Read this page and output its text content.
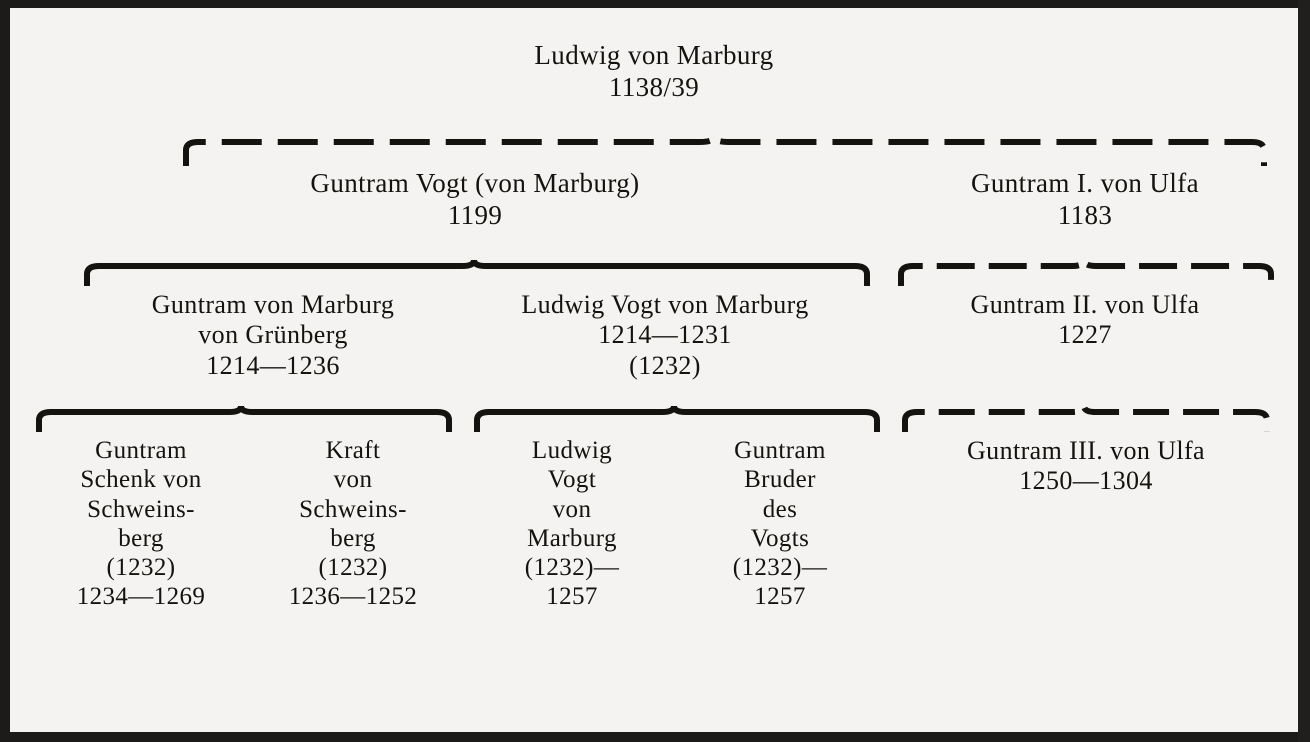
Ludwig von Marburg
1138/39
Guntram Vogt (von Marburg)
1199
Guntram I. von Ulfa
1183
Guntram von Marburg
von Grünberg
1214—1236
Ludwig Vogt von Marburg
1214—1231
(1232)
Guntram II. von Ulfa
1227
Guntram
Schenk von
Schweins-
berg
(1232)
1234—1269
Kraft
von
Schweins-
berg
(1232)
1236—1252
Ludwig
Vogt
von
Marburg
(1232)—
1257
Guntram
Bruder
des
Vogts
(1232)—
1257
Guntram III. von Ulfa
1250—1304
